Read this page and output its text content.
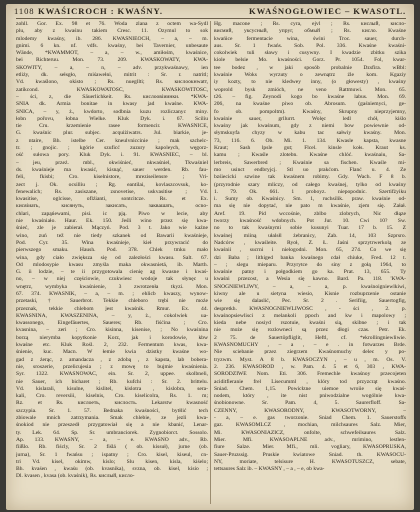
1108 KWAŚICROCH : KWAŚNY.	KWAŚNOGŁOWIEC – KWASOTL.
zohll. Gor. Ex. 98 et 76. Woda zlana z octem wa-Sydl
plu, aby z kwaśnu takiem Cresc. 11. Ozymul to sok
mlodemy kwaśny, ib. 286. KWAŚNIEOCH, – a, – m.
gnimi. 6 kn. nf. vdfs. kwaśny, bei Tavernier, unbesaute
Wände, *KWAMMOT, – a, – w., amiłośm, kwaśnice,
bei Richteruu. Mon. 73. 209. KWAŚKOWATY, KWA-
SKOWITY, – a, – n, – adv. przykwaśnawy, ien
etliży, dk. sełsgło, miśawełni, mitrit : Sr. r. natritl;
Vd. kwaślono, okisto ; Rs. nuegllti; Rs. кислоокнwatт,
zatikcond. KWAŚKOWATOŚĆ, KWASKOWITOSC,
– ści, z, die Säuerlichkeit. Rs. кислоoвiиинки. *KWA-
SNIA dk. Armia bonitae in kwasy jad kwaśne. KWA-
SNICA, – y, ż., kwdorto, sodbnia kuzu rozliczanyc miny.
łobn pořovu, łobna Wielke. Kluk Dyk. i. 67. Sciliu
tie Cru. krzemienie rasee formencir. KWASNICE,
G. kwaśnic plur. subjec. acquiżiwatrs. Jul. biarkie, je-
z ntaire, Bh. istelbe Cer. kneulvniccinie ; mak szchelc-
tr. ; gnojic. ; kgórie szuficć zuzury kapoleych, węgorz-
ość sułowa pory. Kluk Dyk. i. 91. KWASNIEC, – bl.
– jeu, przeż. mbl., okwiśnieć, nkwaśniel, Tkwaśniel
ds. kwaśnieje ma kwasić, kisnąć, sauer werden. Rb. fau-
feli, fkisbi; Cro. kiselnistore, mreziseilensre ; Vri-
zect j. Ok. ocsilliu ; Rg. eantilai, kovlaszcovsuk, ko-
fenewalich; Rs. zasiszane, zsnovetise, uskvasitise ; Vd.
kwasitise, oglcisse, oflżianti, sontcitcze. Rs. et Ex.
кисяiиать, кисянуть, закисать, заквашать, ocno-
chlari, zapąńewami, pisi. ic pją. Piwo w lecie, aby
nie kwaśniało. Haur. Ek. 150. Jeśli wino przez się kwa-
śnieć, zle je zabierał. Mączyń. Pod. 3 t. Jako wie kaźne
wino, zuń tež nie tiedy szkanek od Bawarii kwaśnieje,
Pod. Cyr. 35. Wina kwaśnieje, kieł przywracić do
pierwszego smaku. Haush. Pod. 378. Chlek tmku mało
wina, gdy ciało zwiększa się od zalezłości kwasu. Salt. 67.
Od mlodosypie kwasu zmyśla maka okwasnietá, ib. Marth.
G. ii lodzie, – te ii przygotowala cienię ag kwasne i kwaś-
no, – w niej częściowie, czukwiesc wodoje tak słynęc u
wnętrz, wymbyka kwaśnienie, 3 zwrotzenła tkyzi. Mon.
67. 374. KWASNIK, – a, – m. ; ehlicb kwaszy, wynow-
przetaski, † Sauerbrot. Tekkie chleboro trębi nie może
przeznak, tekkie chlebom jest kwaśnik. Rmur. Ex. 44.
KWASNINA, KWASZENINA, – y, ż., cokolwiek ua-
kwassonego, Eingefäuertes, Saueres; Rb. fiśćina ; Cro.
kvasnina, – zeri ; Cro. kisinna, kisenise, ; No kwaśnina
borzą nierymba kopytkonie Korz, jak i korodowie, kbw
kwaśne etc. Kluk Rośl. 2, 232. Fermentum kwas, kwa-
śnienie, kuc. Macn. W łemie kwia dzistky kwaśne wo-
gad z żerąc, z amandacza , z zdobą , z kapsta, lab bobera-
nie, sroszerie, przelicujesia ; z mowę to bujmie kwaśnienia.
Syr. 1322. KWASNOWAC, ein. Sr. 2, uppee. skolbneli,
nie Sauer, ich bicharet ; Rb. kufchi : Sr. 2. brittelu.
Vd. kislarali, kisulne, kislitel, kislotra , kislobra, sera-
kali, Cro. reversiii, kiselnis, Cro. kiselicolra, Rs. 1. m;
Rz. et Rs. кислоeть, кислость. Lekarstw kwasność
szczypia. Sr. 1. 57. Bednaka kwaśności, bytłlić tech
zbiowale mnich zatrzymania. Smak chlebie, ze jezli kwa-
śnokiod nie przeszedł przygatowiał się a nie kbanić, Lenar-
ty. Lek. 64. Sp. Sr. umbranciorek. Zygnobiorct. Sossolo.
Ap. 133. KWASNY, – a, – e. KWASNO adv., Rb.
fiißlo. Rb. fiścly, Sr. 2 fiślá ( ob. kissuł), jurne (ob.
jurna), Sr. 1 fwańsu ; ispatny ; Cro. kisel, kiseul, cn-
tri Vd. kisel, okimw, kislo; Slu kisen, kisla, kiśelo;
Bh. kvaśen , kwaśu (ob. kvasnika), svzna, ob. kisel, kisio ;
Dl. kvasen , kvasa (ob. kvaśnik), Rs. кислый, кисло-
Hg. macone ; Rs. cyra, ejvl ; Rs. кислый, кисло-
висмий, уксусный, упруг, обмый ; Rs. кисло. Kwaśne
kwańice fermentacie wina, świni Troc. sauer, durch-
aus. Sr. 1 fwańs. Sob. Pol. 336. Kwaśne kwaśni-
cokolwiek tuli sławy i cusywny. I kwadzie zbitku szika
kiole belsie Mo. kwaśności. Gorz. Pr. 1054. Fol, kwar-
tee bodez , w jaki sposób probalnie Dzsfira. wBbl:
kwaśnie Woks wyrzuty o zewnątrz źle kom. Kgaziy
iy kozty, to nie kledwey inny, (o głowesty) , kwaśny
woprold bysk zmióch, ne veno Rattmuwi. Mon. 65.
t26. – fig. Żeynodi kogo bo kwaśne labus. Mon. 69.
206, na kwaśne piwo ob. Abrosum. (gaśniemyci, ge-
fo ob. pompoltm). Kwaśny, Skrupny nieprzyjemny,
kwaśnie sauer, grllurrt. Wolęc ledl chół, kiślo
kwaśny jak kwaśnum, gdy z niemi bow powiewnie od-
słymskuyfa chyzy w kabu tac sałwiy kwaśny. Mon.
73, 116. 6. Ob. Mi. 1. 134. Kwasle kapsta, kwasne
Kraut; Sash lpsle gut; Flcel. kinsle kołs. Kraut ks.
kamu ; Kwaśle zlotebn. Kwaśne chlóć. kwaśnaiu, Sa-
lerbreis, Sawerbred ; Kwaśnie sa fischen. Kwaśle mi-
mo usinct endbryjcj. Stl uo prakćom. Flanć u. 4. Ze
bzśiecicki szwine tak kwaśnem robimy. Gdy. Wach. F 8 b.
(przyrodnie szary mliczy, od całego kwaśnej, tylko od kwaśny
1. 79. Ok. 661. 1 proboyz. niepopodnic. Szertifżyiku
i. Sumy ob. Kwaśnicy. Sm. 1, ruchsilik. praw. kwaśnie od-
ma się nie dopytać, nie pato m kwaśnie, zjem się. Załał.
Aref. 19. Pid wccośnie, zblbo zlobrych, Nic dłąze
tworzy kwaśność wdobnych. Pot Jur. 10. Cwi 10? Sw.
no to tak kwaśnymi sobie kusunyi Tuar. 17 b. 15. Z
kwaśnej miiną ułalsłl żebranicy, Zab. 14, 103 Szprsro.
Nadcórw , kwaśleite. Ryoł, Ż. Ł. Jaśni sprzytrwerkolą ze
kwaśnii , sucrni i nielogodni. Mon. 65, 274. Co we się
dzi Baba ; lithiged banka kwaśnego cdał chiuke, Fred. 12 t.
– ; slegu mieparu. Przyrytce do siny z gołą 1964, to
kwaśnie patny i połgodkiem go ka. Prat. 13, 655. Ty
kwaśni przezost, a Wesia się kawno. Bard. Pa. 118. 'KWA-
SNOGNIEWLIWY, – a, – a, p. kwaśnoigniewlkiwi,
kiwny ale u sietyna wiesio, Kisnie rozbuprzenie ostanie
wie się dalaslić, Pec. Sr. 2 . Serifiig, Sauertogfig,
despretkh. KWASNOGNIEWLIWOŚĆ , - ści , 2. p.
kwaśnopsiewlisci z melankoli ppoch and kw i mapolowy ;
kieda nebe nosiyd rszotuie, kwaśni sią, skibne ; i tak
nie może się rozlowneci są przez dłogi czas. Petr. Ek.
2 75. de Sauertöpfliglit, Heftl, cf. *ekrollingniewliwie.
KWASNOMUCHY , – a , – e . in fotwarzes Brde.
Nie sciebanie przez ziegrzem Kwaśnomuchy delec y po-
tryzwm. Myst. A 8 b. KWASOCZYN , – u , m. Os. V.
2. 236. KWASORÓD , w. Pam. 4. 5 et 6, 303 , KWA-
SORODZIWE Nom. Eti. 306. Fremechle kwaśnoy przecojeten
aciditfieranie frel Lisecumml , klóry tod przyzcrąt kwaśno.
Sniad. Chem. 1,15. Powicłzne uiemoe wroiie się kwaś-
nodem, który , ite nist pniwodzialne wogólnie kwa-
śnobionowne. Sr. Pam. 4, 5. Saurerfloff. Sa-
CZENNY, KWASORODNY, KWASOTWORNY, –
- a, – e. gas tworzonie. Sniad Chem. 1. Sauerstoffs
gaz. KWASOMLCZ , mochian, milchsaures Salz. Mier,
Mi. KWASONIAZICZ, onfolte, schwefeilsaures Salz.
Mier. Mfi. KWASOAPLNE adv., mrimino, lestlen-
fiure Salze. Mier. Mfi., mli. vogliary, KWASOPRUSKA,
Sauer-Pruzssig. Pruskie kwiatowe Sniad. th. KWASOCU-
NY, moriate, telsisure H. KWASOTUSZCZ, sebate,
tettsaures Salz ib. – KWASNY , – a , – e, ob kwa-
